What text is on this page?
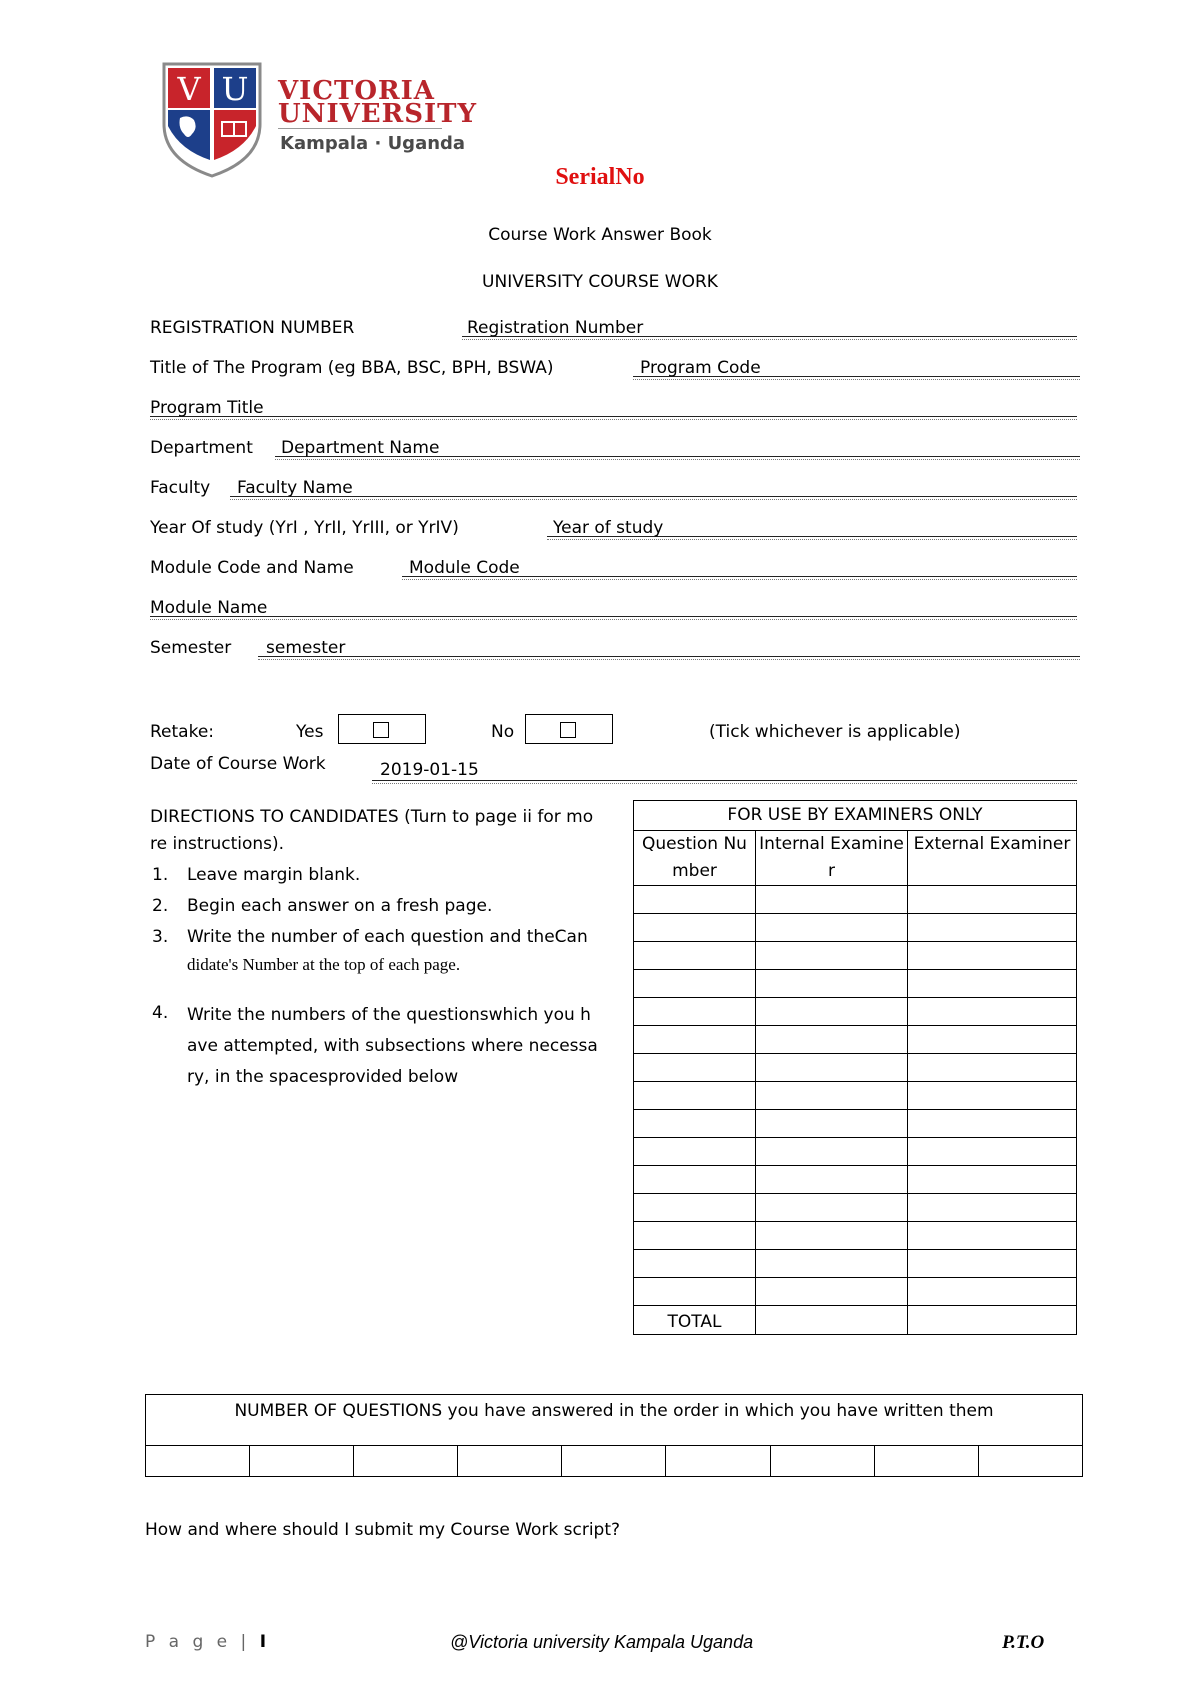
V U VICTORIA
UNIVERSITY
Kampala · Uganda
SerialNo
Course Work Answer Book
UNIVERSITY COURSE WORK
REGISTRATION NUMBER	Registration Number
Title of The Program (eg BBA, BSC, BPH, BSWA)	Program Code
Program Title
Department Department Name
Faculty Faculty Name
Year Of study (YrI , YrII, YrIII, or YrIV)	Year of study
Module Code and Name	Module Code
Module Name
Semester semester
Retake:	Yes	No	(Tick whichever is applicable)
Date of Course Work	2019-01-15
DIRECTIONS TO CANDIDATES (Turn to page ii for mo
re instructions).
1. Leave margin blank.
2. Begin each answer on a fresh page.
3. Write the number of each question and theCan
didate's Number at the top of each page.
4. Write the numbers of the questionswhich you h
ave attempted, with subsections where necessa
ry, in the spacesprovided below
FOR USE BY EXAMINERS ONLY		
Question Number	Internal Examiner	External Examiner

TOTAL		
NUMBER OF QUESTIONS you have answered in the order in which you have written them

How and where should I submit my Course Work script?
P a g e | I	@Victoria university Kampala Uganda	P.T.O
